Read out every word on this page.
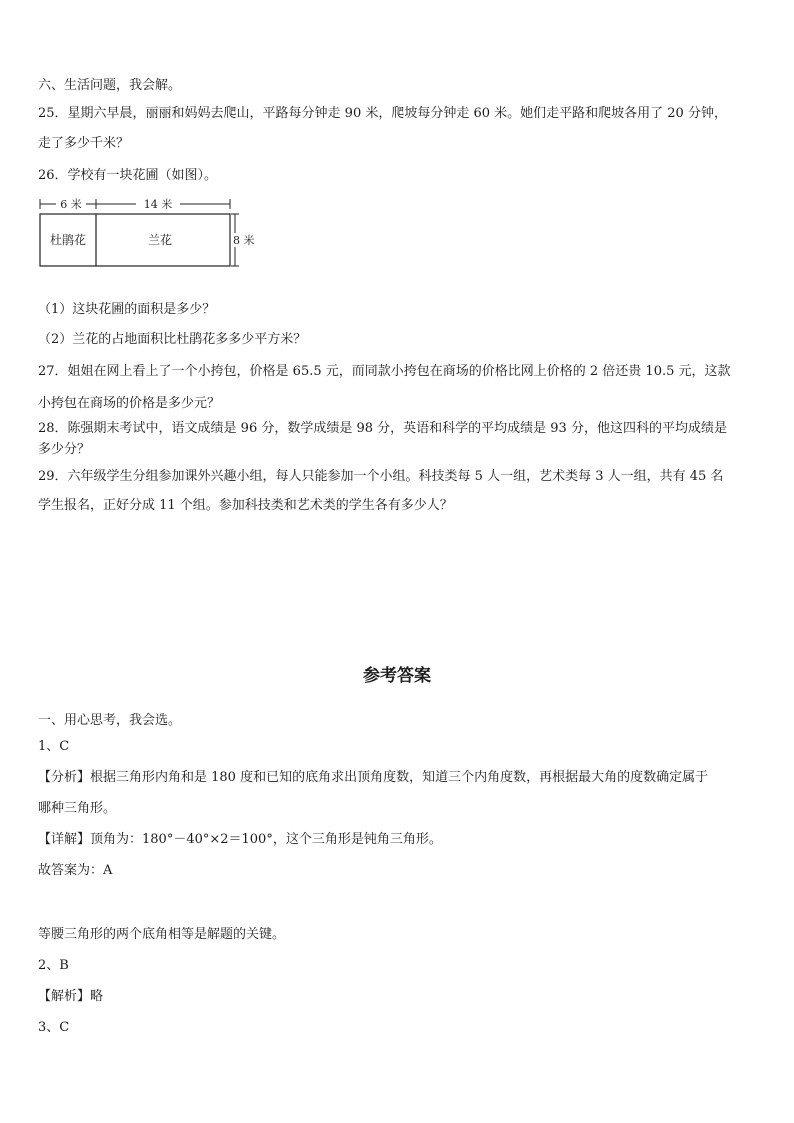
六、生活问题，我会解。
25．星期六早晨，丽丽和妈妈去爬山，平路每分钟走 90 米，爬坡每分钟走 60 米。她们走平路和爬坡各用了 20 分钟，
走了多少千米？
26．学校有一块花圃（如图）。
6 米	14 米
杜鹃花	兰花	8 米
（1）这块花圃的面积是多少？
（2）兰花的占地面积比杜鹃花多多少平方米？
27．姐姐在网上看上了一个小挎包，价格是 65.5 元，而同款小挎包在商场的价格比网上价格的 2 倍还贵 10.5 元，这款
小挎包在商场的价格是多少元？
28．陈强期末考试中，语文成绩是 96 分，数学成绩是 98 分，英语和科学的平均成绩是 93 分，他这四科的平均成绩是
多少分？
29．六年级学生分组参加课外兴趣小组，每人只能参加一个小组。科技类每 5 人一组，艺术类每 3 人一组，共有 45 名
学生报名，正好分成 11 个组。参加科技类和艺术类的学生各有多少人？
参考答案
一、用心思考，我会选。
1、C
【分析】根据三角形内角和是 180 度和已知的底角求出顶角度数，知道三个内角度数，再根据最大角的度数确定属于
哪种三角形。
【详解】顶角为：180°－40°×2＝100°，这个三角形是钝角三角形。
故答案为：A
等腰三角形的两个底角相等是解题的关键。
2、B
【解析】略
3、C
